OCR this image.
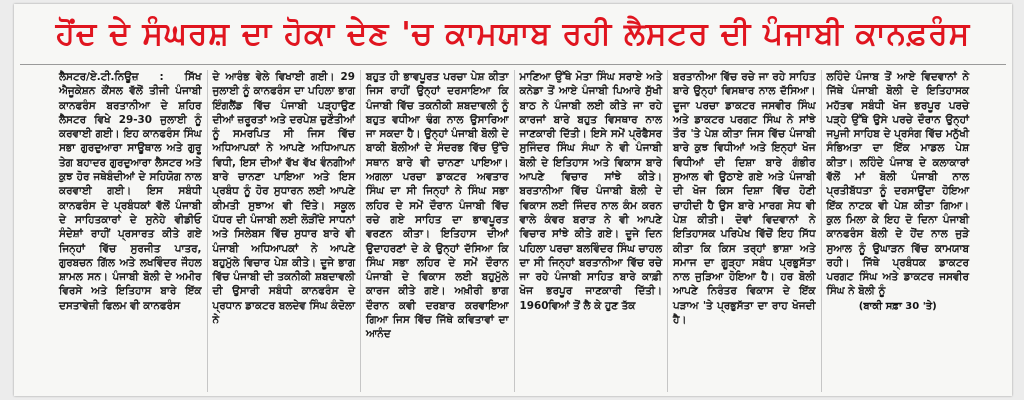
ਹੋਂਦ ਦੇ ਸੰਘਰਸ਼ ਦਾ ਹੋਕਾ ਦੇਣ 'ਚ ਕਾਮਯਾਬ ਰਹੀ ਲੈਸਟਰ ਦੀ ਪੰਜਾਬੀ ਕਾਨਫ਼ਰੰਸ

ਲੈਸਟਰ/ਏ.ਟੀ.ਨਿਊਜ਼ : ਸਿੱਖ ਐਜੂਕੇਸ਼ਨ ਕੌਂਸਲ ਵੱਲੋਂ ਤੀਜੀ ਪੰਜਾਬੀ ਕਾਨਫਰੰਸ ਬਰਤਾਨੀਆ ਦੇ ਸ਼ਹਿਰ ਲੈਸਟਰ ਵਿਖੇ 29-30 ਜੁਲਾਈ ਨੂੰ ਕਰਵਾਈ ਗਈ। ਇਹ ਕਾਨਫਰੰਸ ਸਿੰਘ ਸਭਾ ਗੁਰਦੁਆਰਾ ਸਾਊਥਾਲ ਅਤੇ ਗੁਰੂ ਤੇਗ ਬਹਾਦਰ ਗੁਰਦੁਆਰਾ ਲੈਸਟਰ ਅਤੇ ਕੁਝ ਹੋਰ ਜਥੇਬੰਦੀਆਂ ਦੇ ਸਹਿਯੋਗ ਨਾਲ ਕਰਵਾਈ ਗਈ। ਇਸ ਸਬੰਧੀ ਕਾਨਫਰੰਸ ਦੇ ਪ੍ਰਬੰਧਕਾਂ ਵੱਲੋਂ ਪੰਜਾਬੀ ਦੇ ਸਾਹਿਤਕਾਰਾਂ ਦੇ ਸੁਨੇਹੇ ਵੀਡੀਓ ਸੰਦੇਸ਼ਾਂ ਰਾਹੀਂ ਪ੍ਰਸਾਰਤ ਕੀਤੇ ਗਏ ਜਿਨ੍ਹਾਂ ਵਿੱਚ ਸੁਰਜੀਤ ਪਾਤਰ, ਗੁਰਬਚਨ ਗਿੱਲ ਅਤੇ ਲਖਵਿੰਦਰ ਜੌਹਲ ਸ਼ਾਮਲ ਸਨ। ਪੰਜਾਬੀ ਬੋਲੀ ਦੇ ਅਮੀਰ ਵਿਰਸੇ ਅਤੇ ਇਤਿਹਾਸ ਬਾਰੇ ਇੱਕ ਦਸਤਾਵੇਜ਼ੀ ਫਿਲਮ ਵੀ ਕਾਨਫਰੰਸ

ਦੇ ਆਰੰਭ ਵੇਲੇ ਵਿਖਾਈ ਗਈ। 29 ਜੁਲਾਈ ਨੂੰ ਕਾਨਫਰੰਸ ਦਾ ਪਹਿਲਾ ਭਾਗ ਇੰਗਲੈਂਡ ਵਿੱਚ ਪੰਜਾਬੀ ਪੜ੍ਹਾਉਣ ਦੀਆਂ ਜ਼ਰੂਰਤਾਂ ਅਤੇ ਦਰਪੇਸ਼ ਚੁਣੌਤੀਆਂ ਨੂੰ ਸਮਰਪਿਤ ਸੀ ਜਿਸ ਵਿੱਚ ਅਧਿਆਪਕਾਂ ਨੇ ਆਪਣੇ ਅਧਿਆਪਨ ਵਿਧੀ, ਇਸ ਦੀਆਂ ਵੱਖ ਵੱਖ ਵੰਨਗੀਆਂ ਬਾਰੇ ਚਾਨਣਾ ਪਾਇਆ ਅਤੇ ਇਸ ਪ੍ਰਬੰਧ ਨੂੰ ਹੋਰ ਸੁਧਾਰਨ ਲਈ ਆਪਣੇ ਕੀਮਤੀ ਸੁਝਾਅ ਵੀ ਦਿੱਤੇ। ਸਕੂਲ ਪੱਧਰ ਦੀ ਪੰਜਾਬੀ ਲਈ ਲੋੜੀਂਦੇ ਸਾਧਨਾਂ ਅਤੇ ਸਿਲੇਬਸ ਵਿੱਚ ਸੁਧਾਰ ਬਾਰੇ ਵੀ ਪੰਜਾਬੀ ਅਧਿਆਪਕਾਂ ਨੇ ਆਪਣੇ ਬਹੁਮੁੱਲੇ ਵਿਚਾਰ ਪੇਸ਼ ਕੀਤੇ। ਦੂਜੇ ਭਾਗ ਵਿੱਚ ਪੰਜਾਬੀ ਦੀ ਤਕਨੀਕੀ ਸ਼ਬਦਾਵਲੀ ਦੀ ਉਸਾਰੀ ਸਬੰਧੀ ਕਾਨਫਰੰਸ ਦੇ ਪ੍ਰਧਾਨ ਡਾਕਟਰ ਬਲਦੇਵ ਸਿੰਘ ਕੰਦੋਲਾ ਨੇ

ਬਹੁਤ ਹੀ ਭਾਵਪੂਰਤ ਪਰਚਾ ਪੇਸ਼ ਕੀਤਾ ਜਿਸ ਰਾਹੀਂ ਉਨ੍ਹਾਂ ਦਰਸਾਇਆ ਕਿ ਪੰਜਾਬੀ ਵਿੱਚ ਤਕਨੀਕੀ ਸ਼ਬਦਾਵਲੀ ਨੂੰ ਬਹੁਤ ਵਧੀਆ ਢੰਗ ਨਾਲ ਉਸਾਰਿਆ ਜਾ ਸਕਦਾ ਹੈ। ਉਨ੍ਹਾਂ ਪੰਜਾਬੀ ਬੋਲੀ ਦੇ ਬਾਕੀ ਬੋਲੀਆਂ ਦੇ ਸੰਦਰਭ ਵਿੱਚ ਉੱਚੇ ਸਥਾਨ ਬਾਰੇ ਵੀ ਚਾਨਣਾ ਪਾਇਆ। ਅਗਲਾ ਪਰਚਾ ਡਾਕਟਰ ਅਵਤਾਰ ਸਿੰਘ ਦਾ ਸੀ ਜਿਨ੍ਹਾਂ ਨੇ ਸਿੰਘ ਸਭਾ ਲਹਿਰ ਦੇ ਸਮੇਂ ਦੌਰਾਨ ਪੰਜਾਬੀ ਵਿੱਚ ਰਚੇ ਗਏ ਸਾਹਿਤ ਦਾ ਭਾਵਪੂਰਤ ਵਰਣਨ ਕੀਤਾ। ਇਤਿਹਾਸ ਦੀਆਂ ਉਦਾਹਰਣਾਂ ਦੇ ਕੇ ਉਨ੍ਹਾਂ ਦੱਸਿਆ ਕਿ ਸਿੰਘ ਸਭਾ ਲਹਿਰ ਦੇ ਸਮੇਂ ਦੌਰਾਨ ਪੰਜਾਬੀ ਦੇ ਵਿਕਾਸ ਲਈ ਬਹੁਮੁੱਲੇ ਕਾਰਜ ਕੀਤੇ ਗਏ। ਅਖ਼ੀਰੀ ਭਾਗ ਦੌਰਾਨ ਕਵੀ ਦਰਬਾਰ ਕਰਵਾਇਆ ਗਿਆ ਜਿਸ ਵਿੱਚ ਜਿੱਥੇ ਕਵਿਤਾਵਾਂ ਦਾ ਆਨੰਦ

ਮਾਣਿਆ ਉੱਥੇ ਮੋਤਾ ਸਿੰਘ ਸਰਾਏ ਅਤੇ ਕਨੇਡਾ ਤੋਂ ਆਏ ਪੰਜਾਬੀ ਪਿਆਰੇ ਸੁੱਖੀ ਬਾਠ ਨੇ ਪੰਜਾਬੀ ਲਈ ਕੀਤੇ ਜਾ ਰਹੇ ਕਾਰਜਾਂ ਬਾਰੇ ਬਹੁਤ ਵਿਸਥਾਰ ਨਾਲ ਜਾਣਕਾਰੀ ਦਿੱਤੀ। ਇਸੇ ਸਮੇਂ ਪ੍ਰੋਫੈਸਰ ਸੁਜਿੰਦਰ ਸਿੰਘ ਸੰਘਾ ਨੇ ਵੀ ਪੰਜਾਬੀ ਬੋਲੀ ਦੇ ਇਤਿਹਾਸ ਅਤੇ ਵਿਕਾਸ ਬਾਰੇ ਆਪਣੇ ਵਿਚਾਰ ਸਾਂਝੇ ਕੀਤੇ। ਬਰਤਾਨੀਆ ਵਿੱਚ ਪੰਜਾਬੀ ਬੋਲੀ ਦੇ ਵਿਕਾਸ ਲਈ ਜਿੰਦਰ ਨਾਲ ਕੰਮ ਕਰਨ ਵਾਲੇ ਕੰਵਰ ਬਰਾੜ ਨੇ ਵੀ ਆਪਣੇ ਵਿਚਾਰ ਸਾਂਝੇ ਕੀਤੇ ਗਏ। ਦੂਜੇ ਦਿਨ ਪਹਿਲਾ ਪਰਚਾ ਬਲਵਿੰਦਰ ਸਿੰਘ ਚਾਹਲ ਦਾ ਸੀ ਜਿਨ੍ਹਾਂ ਬਰਤਾਨੀਆ ਵਿੱਚ ਰਚੇ ਜਾ ਰਹੇ ਪੰਜਾਬੀ ਸਾਹਿਤ ਬਾਰੇ ਕਾਫ਼ੀ ਖੋਜ ਭਰਪੂਰ ਜਾਣਕਾਰੀ ਦਿੱਤੀ। 1960ਵਿਆਂ ਤੋਂ ਲੈ ਕੇ ਹੁਣ ਤੱਕ

ਬਰਤਾਨੀਆ ਵਿੱਚ ਰਚੇ ਜਾ ਰਹੇ ਸਾਹਿਤ ਬਾਰੇ ਉਨ੍ਹਾਂ ਵਿਸਥਾਰ ਨਾਲ ਦੱਸਿਆ। ਦੂਜਾ ਪਰਚਾ ਡਾਕਟਰ ਜਸਵੀਰ ਸਿੰਘ ਅਤੇ ਡਾਕਟਰ ਪਰਗਟ ਸਿੰਘ ਨੇ ਸਾਂਝੇ ਤੌਰ 'ਤੇ ਪੇਸ਼ ਕੀਤਾ ਜਿਸ ਵਿੱਚ ਪੰਜਾਬੀ ਬਾਰੇ ਕੁਝ ਵਿਧੀਆਂ ਅਤੇ ਇਨ੍ਹਾਂ ਖੋਜ ਵਿਧੀਆਂ ਦੀ ਦਿਸ਼ਾ ਬਾਰੇ ਗੰਭੀਰ ਸੁਆਲ ਵੀ ਉਠਾਏ ਗਏ ਅਤੇ ਪੰਜਾਬੀ ਦੀ ਖੋਜ ਕਿਸ ਦਿਸ਼ਾ ਵਿੱਚ ਹੋਣੀ ਚਾਹੀਦੀ ਹੈ ਉਸ ਬਾਰੇ ਮਾਰਗ ਸੇਧ ਵੀ ਪੇਸ਼ ਕੀਤੀ। ਦੋਵਾਂ ਵਿਦਵਾਨਾਂ ਨੇ ਇਤਿਹਾਸਕ ਪਰਿਪੇਖ ਵਿੱਚੋਂ ਇਹ ਸਿੱਧ ਕੀਤਾ ਕਿ ਕਿਸ ਤਰ੍ਹਾਂ ਭਾਸ਼ਾ ਅਤੇ ਸਮਾਜ ਦਾ ਗੂੜ੍ਹਾ ਸਬੰਧ ਪ੍ਰਭੁਸੱਤਾ ਨਾਲ ਜੁੜਿਆ ਹੋਇਆ ਹੈ। ਹਰ ਬੋਲੀ ਆਪਣੇ ਨਿਰੰਤਰ ਵਿਕਾਸ ਦੇ ਇੱਕ ਪੜਾਅ 'ਤੇ ਪ੍ਰਭੁਸੱਤਾ ਦਾ ਰਾਹ ਖੋਜਦੀ ਹੈ।

ਲਹਿੰਦੇ ਪੰਜਾਬ ਤੋਂ ਆਏ ਵਿਦਵਾਨਾਂ ਨੇ ਜਿੱਥੇ ਪੰਜਾਬੀ ਬੋਲੀ ਦੇ ਇਤਿਹਾਸਕ ਮਹੱਤਵ ਸਬੰਧੀ ਖੋਜ ਭਰਪੂਰ ਪਰਚੇ ਪੜ੍ਹੇ ਉੱਥੇ ਉਸੇ ਪਰਚੇ ਦੌਰਾਨ ਉਨ੍ਹਾਂ ਜਪੁਜੀ ਸਾਹਿਬ ਦੇ ਪ੍ਰਸੰਗ ਵਿੱਚ ਮਨੁੱਖੀ ਸੰਭਿਅਤਾ ਦਾ ਇੱਕ ਮਾਡਲ ਪੇਸ਼ ਕੀਤਾ। ਲਹਿੰਦੇ ਪੰਜਾਬ ਦੇ ਕਲਾਕਾਰਾਂ ਵੱਲੋਂ ਮਾਂ ਬੋਲੀ ਪੰਜਾਬੀ ਨਾਲ ਪ੍ਰਤੀਬੱਧਤਾ ਨੂੰ ਦਰਸਾਉਂਦਾ ਹੋਇਆ ਇੱਕ ਨਾਟਕ ਵੀ ਪੇਸ਼ ਕੀਤਾ ਗਿਆ। ਕੁਲ ਮਿਲਾ ਕੇ ਇਹ ਦੋ ਦਿਨਾ ਪੰਜਾਬੀ ਕਾਨਫਰੰਸ ਬੋਲੀ ਦੇ ਹੋਂਦ ਨਾਲ ਜੁੜੇ ਸੁਆਲ ਨੂੰ ਉਘਾੜਨ ਵਿੱਚ ਕਾਮਯਾਬ ਰਹੀ। ਜਿੱਥੇ ਪ੍ਰਬੰਧਕ ਡਾਕਟਰ ਪਰਗਟ ਸਿੰਘ ਅਤੇ ਡਾਕਟਰ ਜਸਵੀਰ ਸਿੰਘ ਨੇ ਬੋਲੀ ਨੂੰ

(ਬਾਕੀ ਸਫ਼ਾ 30 'ਤੇ)
